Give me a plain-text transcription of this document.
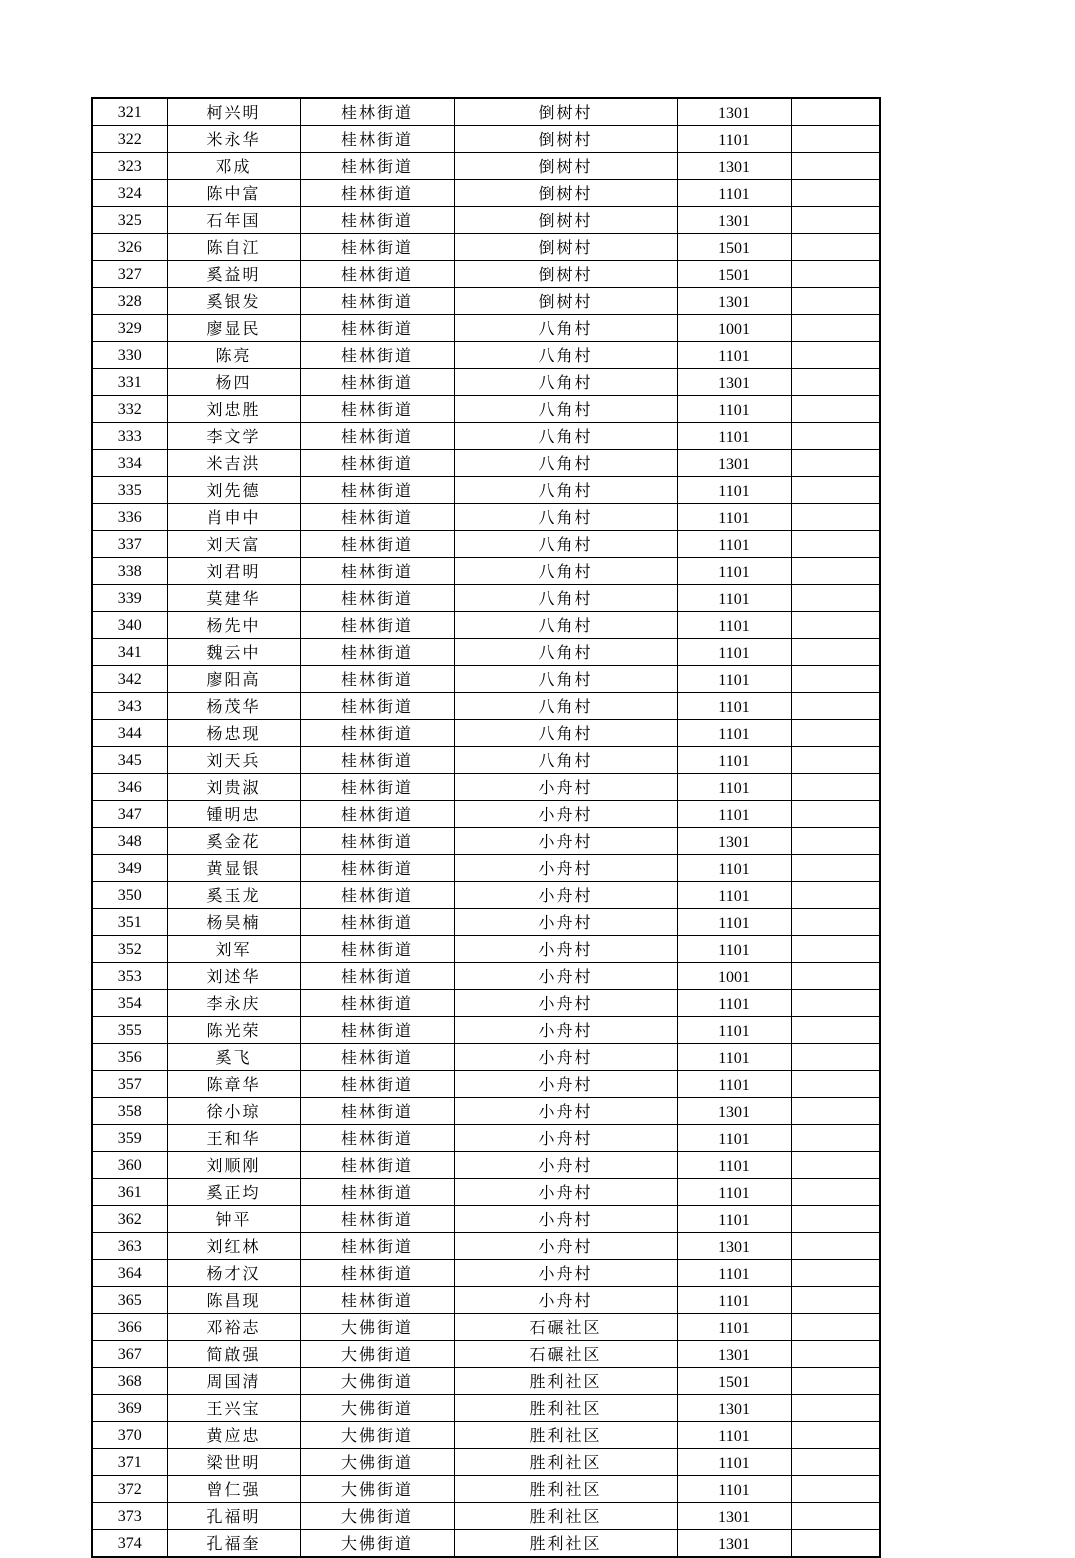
321	柯兴明	桂林街道	倒树村	1301	
322	米永华	桂林街道	倒树村	1101	
323	邓成	桂林街道	倒树村	1301	
324	陈中富	桂林街道	倒树村	1101	
325	石年国	桂林街道	倒树村	1301	
326	陈自江	桂林街道	倒树村	1501	
327	奚益明	桂林街道	倒树村	1501	
328	奚银发	桂林街道	倒树村	1301	
329	廖显民	桂林街道	八角村	1001	
330	陈亮	桂林街道	八角村	1101	
331	杨四	桂林街道	八角村	1301	
332	刘忠胜	桂林街道	八角村	1101	
333	李文学	桂林街道	八角村	1101	
334	米吉洪	桂林街道	八角村	1301	
335	刘先德	桂林街道	八角村	1101	
336	肖申中	桂林街道	八角村	1101	
337	刘天富	桂林街道	八角村	1101	
338	刘君明	桂林街道	八角村	1101	
339	莫建华	桂林街道	八角村	1101	
340	杨先中	桂林街道	八角村	1101	
341	魏云中	桂林街道	八角村	1101	
342	廖阳高	桂林街道	八角村	1101	
343	杨茂华	桂林街道	八角村	1101	
344	杨忠现	桂林街道	八角村	1101	
345	刘天兵	桂林街道	八角村	1101	
346	刘贵淑	桂林街道	小舟村	1101	
347	锺明忠	桂林街道	小舟村	1101	
348	奚金花	桂林街道	小舟村	1301	
349	黄显银	桂林街道	小舟村	1101	
350	奚玉龙	桂林街道	小舟村	1101	
351	杨昊楠	桂林街道	小舟村	1101	
352	刘军	桂林街道	小舟村	1101	
353	刘述华	桂林街道	小舟村	1001	
354	李永庆	桂林街道	小舟村	1101	
355	陈光荣	桂林街道	小舟村	1101	
356	奚飞	桂林街道	小舟村	1101	
357	陈章华	桂林街道	小舟村	1101	
358	徐小琼	桂林街道	小舟村	1301	
359	王和华	桂林街道	小舟村	1101	
360	刘顺刚	桂林街道	小舟村	1101	
361	奚正均	桂林街道	小舟村	1101	
362	钟平	桂林街道	小舟村	1101	
363	刘红林	桂林街道	小舟村	1301	
364	杨才汉	桂林街道	小舟村	1101	
365	陈昌现	桂林街道	小舟村	1101	
366	邓裕志	大佛街道	石碾社区	1101	
367	简啟强	大佛街道	石碾社区	1301	
368	周国清	大佛街道	胜利社区	1501	
369	王兴宝	大佛街道	胜利社区	1301	
370	黄应忠	大佛街道	胜利社区	1101	
371	梁世明	大佛街道	胜利社区	1101	
372	曾仁强	大佛街道	胜利社区	1101	
373	孔福明	大佛街道	胜利社区	1301	
374	孔福奎	大佛街道	胜利社区	1301	
